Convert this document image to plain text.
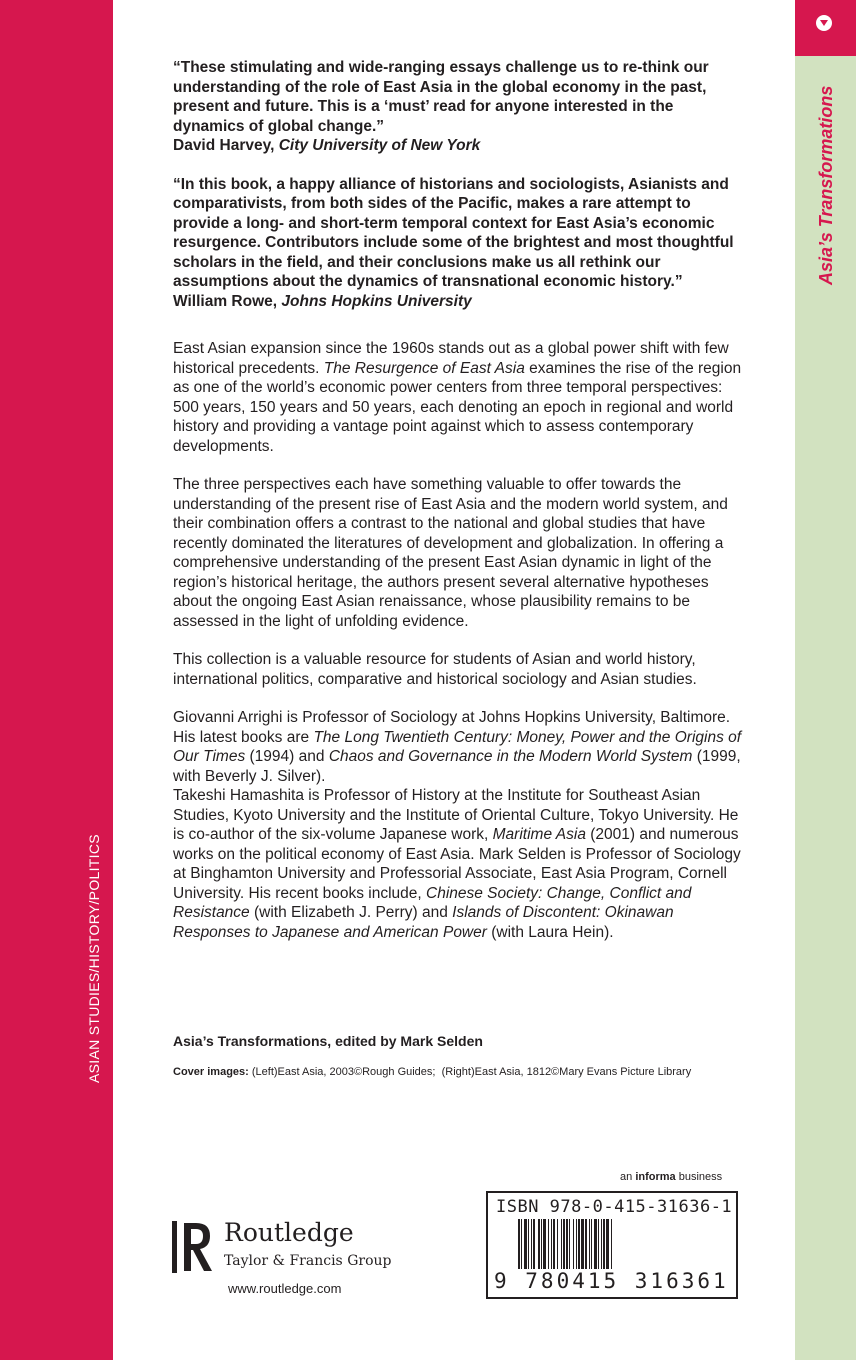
ASIAN STUDIES/HISTORY/POLITICS
Asia’s Transformations

“These stimulating and wide-ranging essays challenge us to re-think our understanding of the role of East Asia in the global economy in the past, present and future. This is a ‘must’ read for anyone interested in the dynamics of global change.”

David Harvey, City University of New York

“In this book, a happy alliance of historians and sociologists, Asianists and comparativists, from both sides of the Pacific, makes a rare attempt to provide a long- and short-term temporal context for East Asia’s economic resurgence. Contributors include some of the brightest and most thoughtful scholars in the field, and their conclusions make us all rethink our assumptions about the dynamics of transnational economic history.”

William Rowe, Johns Hopkins University

East Asian expansion since the 1960s stands out as a global power shift with few historical precedents. The Resurgence of East Asia examines the rise of the region as one of the world’s economic power centers from three temporal perspectives: 500 years, 150 years and 50 years, each denoting an epoch in regional and world history and providing a vantage point against which to assess contemporary developments.

The three perspectives each have something valuable to offer towards the understanding of the present rise of East Asia and the modern world system, and their combination offers a contrast to the national and global studies that have recently dominated the literatures of development and globalization. In offering a comprehensive understanding of the present East Asian dynamic in light of the region’s historical heritage, the authors present several alternative hypotheses about the ongoing East Asian renaissance, whose plausibility remains to be assessed in the light of unfolding evidence.

This collection is a valuable resource for students of Asian and world history, international politics, comparative and historical sociology and Asian studies.

Giovanni Arrighi is Professor of Sociology at Johns Hopkins University, Baltimore. His latest books are The Long Twentieth Century: Money, Power and the Origins of Our Times (1994) and Chaos and Governance in the Modern World System (1999, with Beverly J. Silver).
Takeshi Hamashita is Professor of History at the Institute for Southeast Asian Studies, Kyoto University and the Institute of Oriental Culture, Tokyo University. He is co-author of the six-volume Japanese work, Maritime Asia (2001) and numerous works on the political economy of East Asia. Mark Selden is Professor of Sociology at Binghamton University and Professorial Associate, East Asia Program, Cornell University. His recent books include, Chinese Society: Change, Conflict and Resistance (with Elizabeth J. Perry) and Islands of Discontent: Okinawan Responses to Japanese and American Power (with Laura Hein).

Asia’s Transformations, edited by Mark Selden

Cover images: (Left)East Asia, 2003©Rough Guides; (Right)East Asia, 1812©Mary Evans Picture Library
an informa business
ISBN 978-0-415-31636-1
9 780415 316361
Routledge
Taylor & Francis Group
www.routledge.com
